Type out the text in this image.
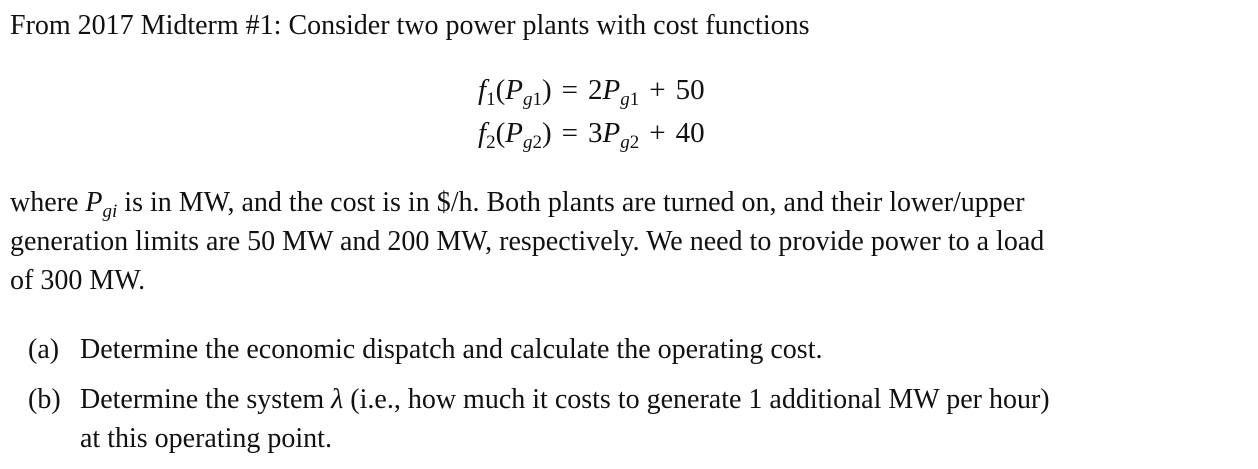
From 2017 Midterm #1: Consider two power plants with cost functions
$f_1(P_{g1}) = 2P_{g1} + 50$
$f_2(P_{g2}) = 3P_{g2} + 40$
where $P_{gi}$ is in MW, and the cost is in $/h. Both plants are turned on, and their lower/upper
generation limits are 50 MW and 200 MW, respectively. We need to provide power to a load
of 300 MW.
(a) Determine the economic dispatch and calculate the operating cost.
(b) Determine the system λ (i.e., how much it costs to generate 1 additional MW per hour)
at this operating point.
